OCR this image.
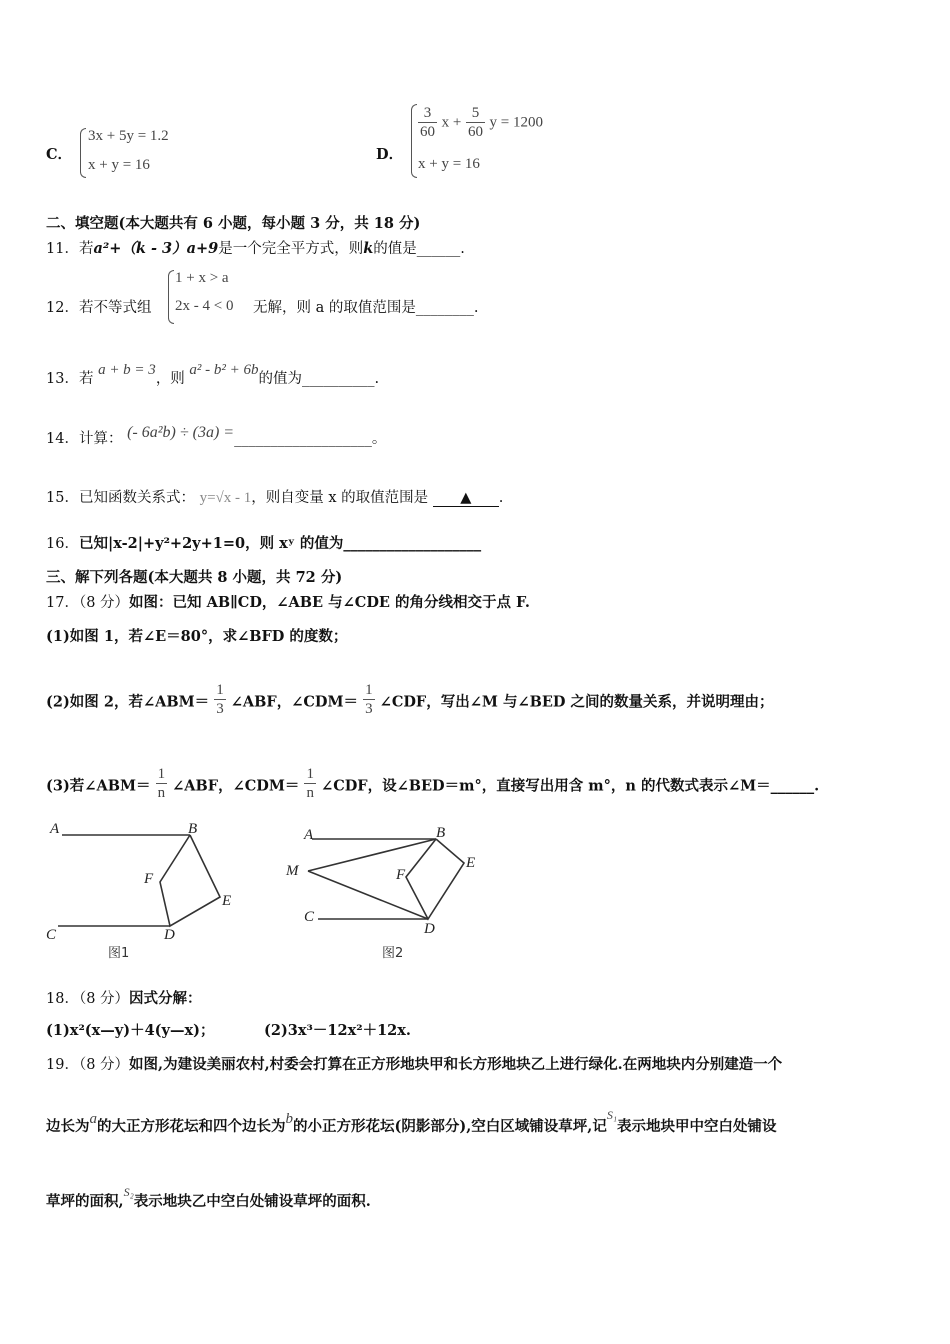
C．
3x + 5y = 1.2
x + y = 16
D．
$\frac{3}{60}$ $x + \frac{5}{60}$ y = 1200
x + y = 16
二、填空题(本大题共有 6 小题，每小题 3 分，共 18 分)
11．若a²+（k - 3）a+9是一个完全平方式，则k的值是______.
12．若不等式组
1 + x > a
2x - 4 < 0 无解，则 a 的取值范围是________.
13．若 a + b = 3，则 a² - b² + 6b的值为__________.
14．计算： (- 6a²b) ÷ (3a) =___________________。
15．已知函数关系式： y=√x - 1，则自变量 x 的取值范围是 ▲ .
16．已知|x-2|+y²+2y+1=0，则 xʸ 的值为___________________
三、解下列各题(本大题共 8 小题，共 72 分)
17．（8 分）如图：已知 AB∥CD，∠ABE 与∠CDE 的角分线相交于点 F.
(1)如图 1，若∠E＝80°，求∠BFD 的度数；
(2)如图 2，若∠ABM＝ $\frac{1}{3}$ ∠ABF，∠CDM＝ $\frac{1}{3}$ ∠CDF，写出∠M 与∠BED 之间的数量关系，并说明理由；
(3)若∠ABM＝ $\frac{1}{n}$ ∠ABF，∠CDM＝ $\frac{1}{n}$ ∠CDF，设∠BED＝m°，直接写出用含 m°，n 的代数式表示∠M＝______.
A	B
C	D
E
F
图1
A	B
C
D
E
F
M
图2
18．（8 分）因式分解：
(1)x²(x—y)＋4(y—x)；	(2)3x³－12x²＋12x.
19．（8 分）如图,为建设美丽农村,村委会打算在正方形地块甲和长方形地块乙上进行绿化.在两地块内分别建造一个
边长为a的大正方形花坛和四个边长为b的小正方形花坛(阴影部分),空白区域铺设草坪,记$^{S_1}$表示地块甲中空白处铺设
草坪的面积,$^{S_2}$表示地块乙中空白处铺设草坪的面积.
